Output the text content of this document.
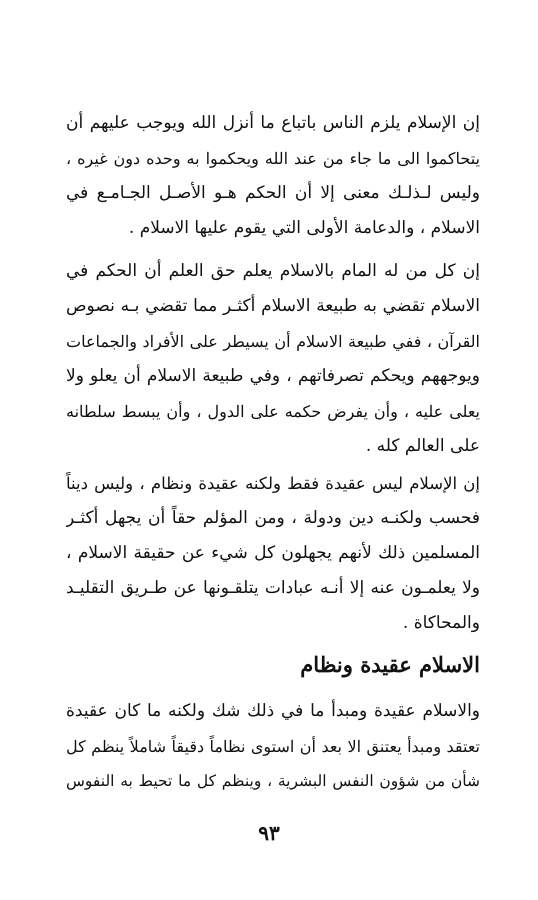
إن الإسلام يلزم الناس باتباع ما أنزل الله ويوجب عليهم أن
يتحاكموا الى ما جاء من عند الله ويحكموا به وحده دون غيره ،
وليس لـذلـك معنى إلا أن الحكم هـو الأصـل الجـامـع في
الاسلام ، والدعامة الأولى التي يقوم عليها الاسلام .
إن كل من له المام بالاسلام يعلم حق العلم أن الحكم في
الاسلام تقضي به طبيعة الاسلام أكثـر مما تقضي بـه نصوص
القرآن ، ففي طبيعة الاسلام أن يسيطر على الأفراد والجماعات
ويوجههم ويحكم تصرفاتهم ، وفي طبيعة الاسلام أن يعلو ولا
يعلى عليه ، وأن يفرض حكمه على الدول ، وأن يبسط سلطانه
على العالم كله .
إن الإسلام ليس عقيدة فقط ولكنه عقيدة ونظام ، وليس ديناً
فحسب ولكنـه دين ودولة ، ومن المؤلم حقاً أن يجهل أكثـر
المسلمين ذلك لأنهم يجهلون كل شيء عن حقيقة الاسلام ،
ولا يعلمـون عنه إلا أنـه عبادات يتلقـونها عن طـريق التقليـد
والمحاكاة .
الاسلام عقيدة ونظام
والاسلام عقيدة ومبدأ ما في ذلك شك ولكنه ما كان عقيدة
تعتقد ومبدأ يعتنق الا بعد أن استوى نظاماً دقيقاً شاملاً ينظم كل
شأن من شؤون النفس البشرية ، وينظم كل ما تحيط به النفوس
٩٣
